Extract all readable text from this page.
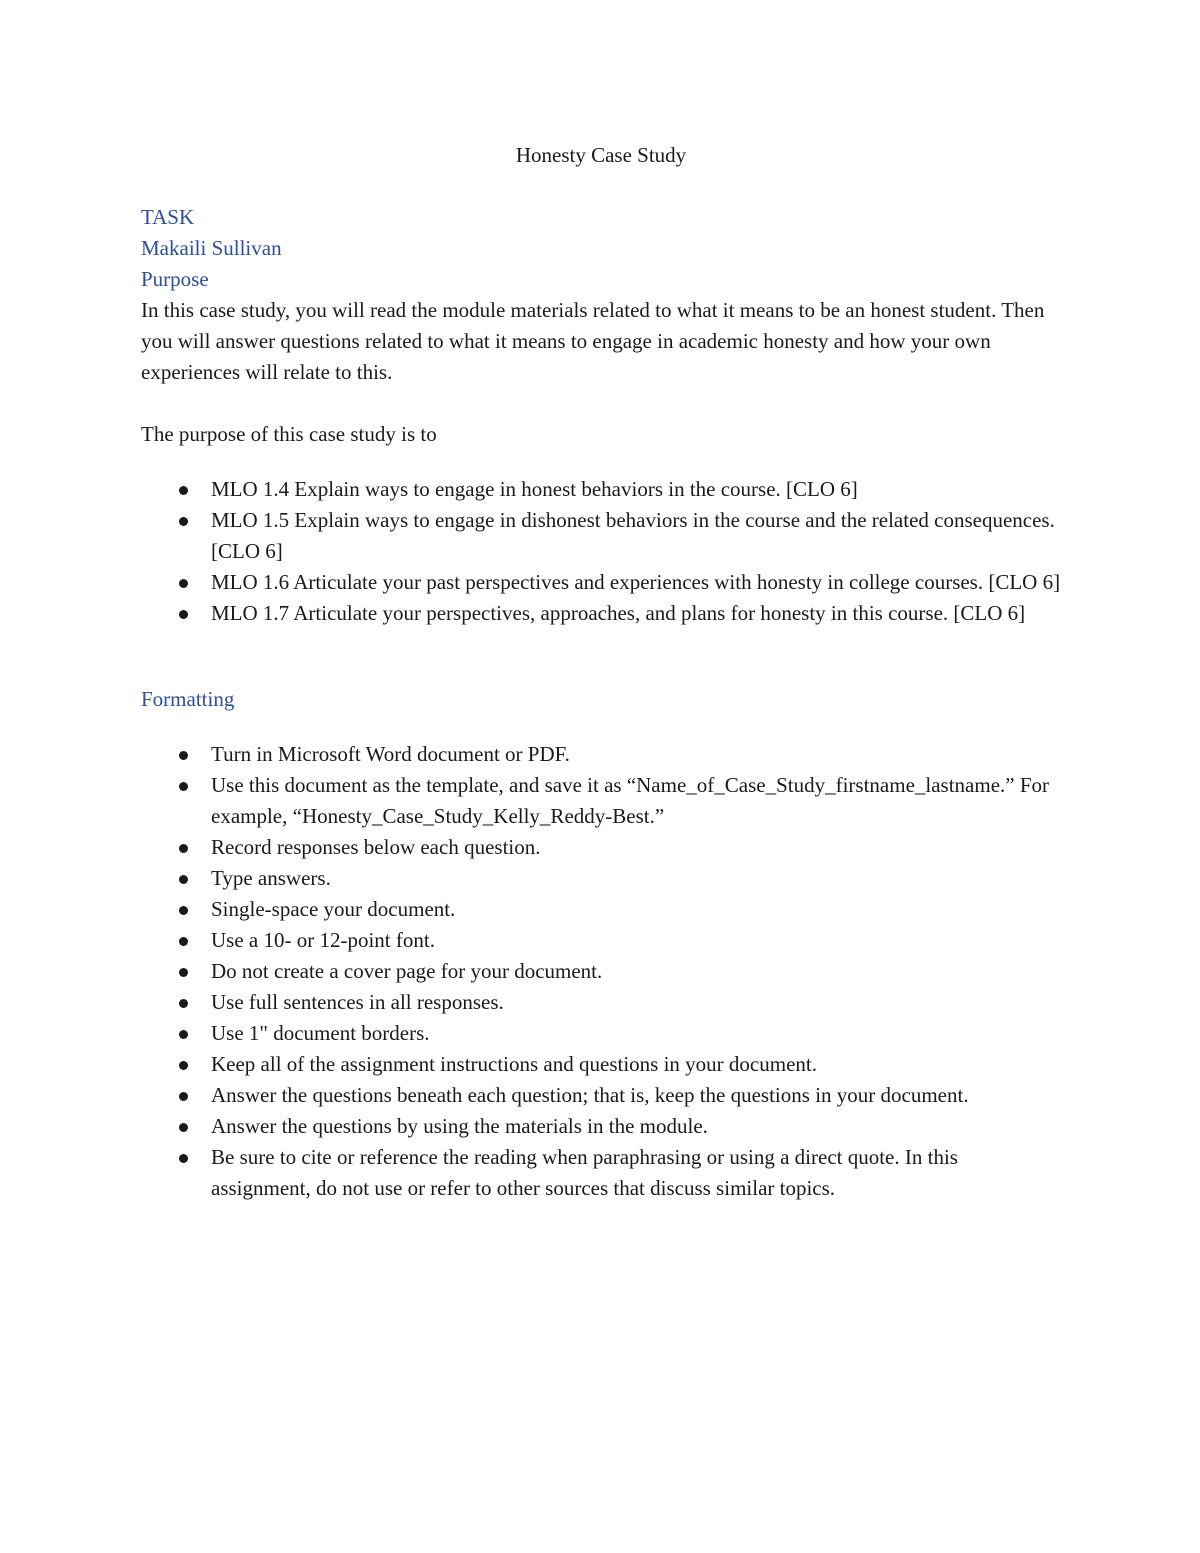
Honesty Case Study

TASK

Makaili Sullivan

Purpose

In this case study, you will read the module materials related to what it means to be an honest student. Then you will answer questions related to what it means to engage in academic honesty and how your own experiences will relate to this.

The purpose of this case study is to

MLO 1.4 Explain ways to engage in honest behaviors in the course. [CLO 6]
MLO 1.5 Explain ways to engage in dishonest behaviors in the course and the related consequences. [CLO 6]
MLO 1.6 Articulate your past perspectives and experiences with honesty in college courses. [CLO 6]
MLO 1.7 Articulate your perspectives, approaches, and plans for honesty in this course. [CLO 6]

Formatting

Turn in Microsoft Word document or PDF.
Use this document as the template, and save it as “Name_of_Case_Study_firstname_lastname.” For example, “Honesty_Case_Study_Kelly_Reddy-Best.”
Record responses below each question.
Type answers.
Single-space your document.
Use a 10- or 12-point font.
Do not create a cover page for your document.
Use full sentences in all responses.
Use 1" document borders.
Keep all of the assignment instructions and questions in your document.
Answer the questions beneath each question; that is, keep the questions in your document.
Answer the questions by using the materials in the module.
Be sure to cite or reference the reading when paraphrasing or using a direct quote. In this assignment, do not use or refer to other sources that discuss similar topics.
